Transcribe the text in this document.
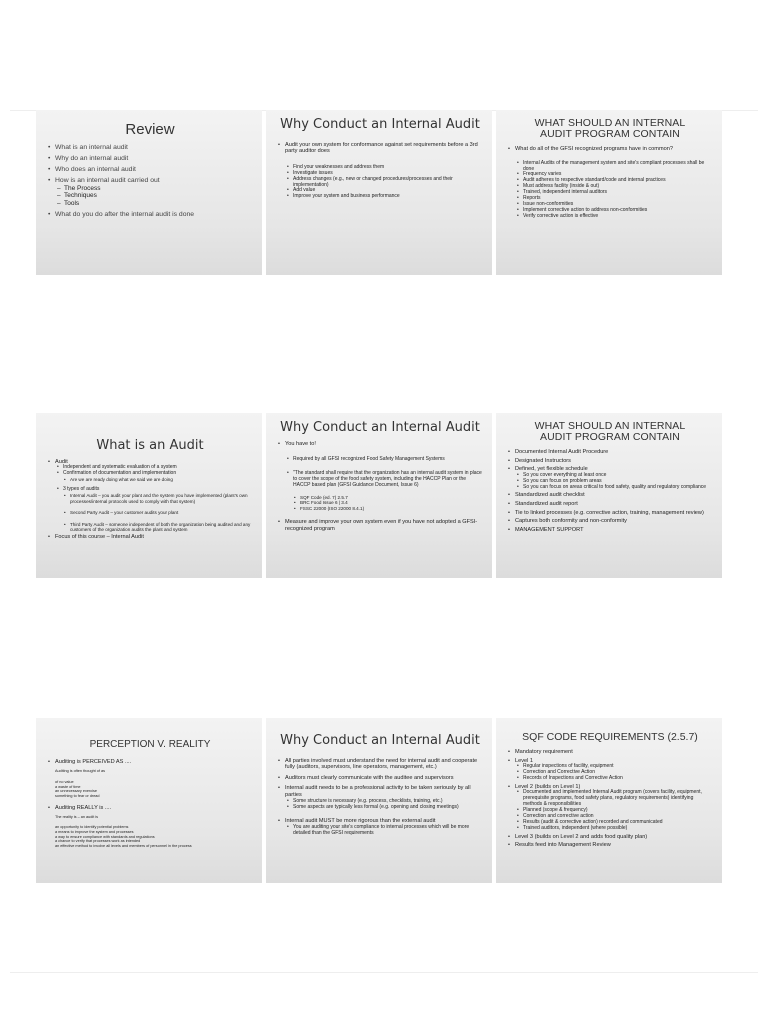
Review
• What is an internal audit
• Why do an internal audit
• Who does an internal audit
• How is an internal audit carried out
– The Process
– Techniques
– Tools
• What do you do after the internal audit is done
Why Conduct an Internal Audit
• Audit your own system for conformance against set requirements before a 3rd party auditor does
• Find your weaknesses and address them
• Investigate issues
• Address changes (e.g., new or changed procedures/processes and their implementation)
• Add value
• Improve your system and business performance
WHAT SHOULD AN INTERNAL AUDIT PROGRAM CONTAIN
• What do all of the GFSI recognized programs have in common?
• Internal Audits of the management system and site's compliant processes shall be done
• Frequency varies
• Audit adheres to respective standard/code and internal practices
• Must address facility (inside & out)
• Trained, independent internal auditors
• Reports
• Issue non-conformities
• Implement corrective action to address non-conformities
• Verify corrective action is effective
What is an Audit
• Audit
• Independent and systematic evaluation of a system
• Confirmation of documentation and implementation
• Are we are ready doing what we said we are doing
• 3 types of audits
• Internal Audit – you audit your plant and the system you have implemented (plant's own processes/internal protocols used to comply with that system)
• Second Party Audit – your customer audits your plant
• Third Party Audit – someone independent of both the organization being audited and any customers of the organization audits the plant and system
• Focus of this course – Internal Audit
Why Conduct an Internal Audit
• You have to!
• Required by all GFSI recognized Food Safety Management Systems
• "The standard shall require that the organization has an internal audit system in place to cover the scope of the food safety system, including the HACCP Plan or the HACCP based plan (GFSI Guidance Document, Issue 6)
• SQF Code (ed. 7) 2.5.7
• BRC Food Issue 6 | 3.4
• FSSC 22000 (ISO 22000 8.4.1)
• Measure and improve your own system even if you have not adopted a GFSI-recognized program
WHAT SHOULD AN INTERNAL AUDIT PROGRAM CONTAIN
• Documented Internal Audit Procedure
• Designated Instructors
• Defined, yet flexible schedule
• So you cover everything at least once
• So you can focus on problem areas
• So you can focus on areas critical to food safety, quality and regulatory compliance
• Standardized audit checklist
• Standardized audit report
• Tie to linked processes (e.g. corrective action, training, management review)
• Captures both conformity and non-conformity
• MANAGEMENT SUPPORT
PERCEPTION V. REALITY
• Auditing is PERCEIVED AS ....
Auditing is often thought of as
of no value
a waste of time
an unnecessary exercise
something to fear or dread
• Auditing REALLY is ....
The reality is – an audit is
an opportunity to identify potential problems
a means to improve the system and processes
a way to ensure compliance with standards and regulations
a chance to verify that processes work as intended
an effective method to involve all levels and members of personnel in the process
Why Conduct an Internal Audit
• All parties involved must understand the need for internal audit and cooperate fully (auditors, supervisors, line operators, management, etc.)
• Auditors must clearly communicate with the auditee and supervisors
• Internal audit needs to be a professional activity to be taken seriously by all parties
• Some structure is necessary (e.g. process, checklists, training, etc.)
• Some aspects are typically less formal (e.g. opening and closing meetings)
• Internal audit MUST be more rigorous than the external audit
• You are auditing your site's compliance to internal processes which will be more detailed than the GFSI requirements
SQF CODE REQUIREMENTS (2.5.7)
• Mandatory requirement
• Level 1
• Regular inspections of facility, equipment
• Correction and Corrective Action
• Records of Inspections and Corrective Action
• Level 2 (builds on Level 1)
• Documented and implemented Internal Audit program (covers facility, equipment, prerequisite programs, food safety plans, regulatory requirements) identifying methods & responsibilities
• Planned (scope & frequency)
• Correction and corrective action
• Results (audit & corrective action) recorded and communicated
• Trained auditors, independent (where possible)
• Level 3 (builds on Level 2 and adds food quality plan)
• Results feed into Management Review
